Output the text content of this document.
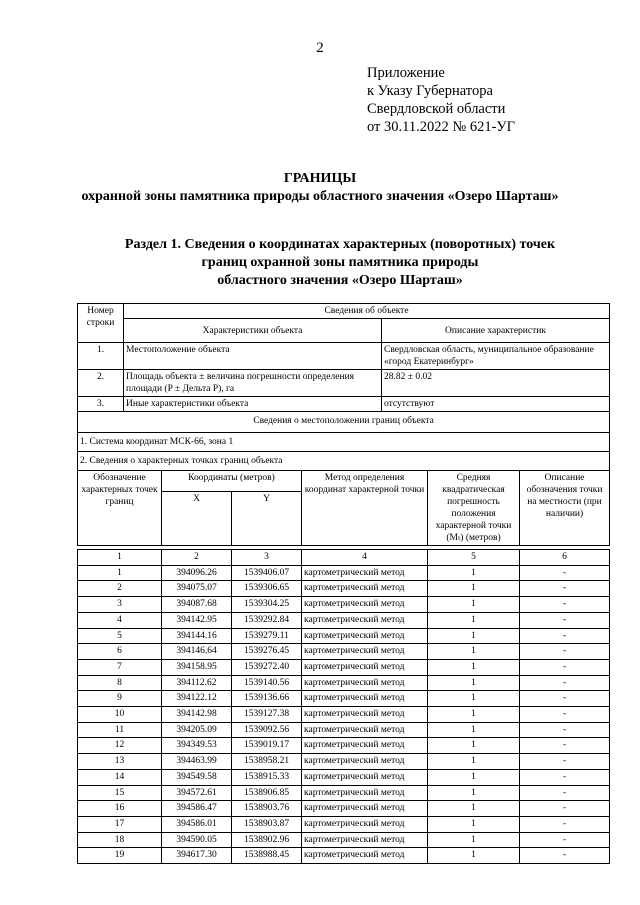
2
Приложение
к Указу Губернатора
Свердловской области
от 30.11.2022 № 621-УГ
ГРАНИЦЫ
охранной зоны памятника природы областного значения «Озеро Шарташ»
Раздел 1. Сведения о координатах характерных (поворотных) точек
границ охранной зоны памятника природы
областного значения «Озеро Шарташ»
Номер строки	Сведения об объекте	
	Характеристики объекта	Описание характеристик
1.	Местоположение объекта	Свердловская область, муниципальное образование «город Екатеринбург»
2.	Площадь объекта ± величина погрешности определения площади (P ± Дельта P), га	28.82 ± 0.02
3.	Иные характеристики объекта	отсутствуют
Сведения о местоположении границ объекта					
1. Система координат МСК-66, зона 1					
2. Сведения о характерных точках границ объекта					
Обозначение характерных точек границ	Координаты (метров)		Метод определения координат характерной точки	Средняя квадратическая погрешность положения характерной точки (Mₜ) (метров)	Описание обозначения точки на местности (при наличии)
	X	Y			

1	2	3	4	5	6
1	394096.26	1539406.07	картометрический метод	1	-
2	394075.07	1539306.65	картометрический метод	1	-
3	394087.68	1539304.25	картометрический метод	1	-
4	394142.95	1539292.84	картометрический метод	1	-
5	394144.16	1539279.11	картометрический метод	1	-
6	394146.64	1539276.45	картометрический метод	1	-
7	394158.95	1539272.40	картометрический метод	1	-
8	394112.62	1539140.56	картометрический метод	1	-
9	394122.12	1539136.66	картометрический метод	1	-
10	394142.98	1539127.38	картометрический метод	1	-
11	394205.09	1539092.56	картометрический метод	1	-
12	394349.53	1539019.17	картометрический метод	1	-
13	394463.99	1538958.21	картометрический метод	1	-
14	394549.58	1538915.33	картометрический метод	1	-
15	394572.61	1538906.85	картометрический метод	1	-
16	394586.47	1538903.76	картометрический метод	1	-
17	394586.01	1538903.87	картометрический метод	1	-
18	394590.05	1538902.96	картометрический метод	1	-
19	394617.30	1538988.45	картометрический метод	1	-
